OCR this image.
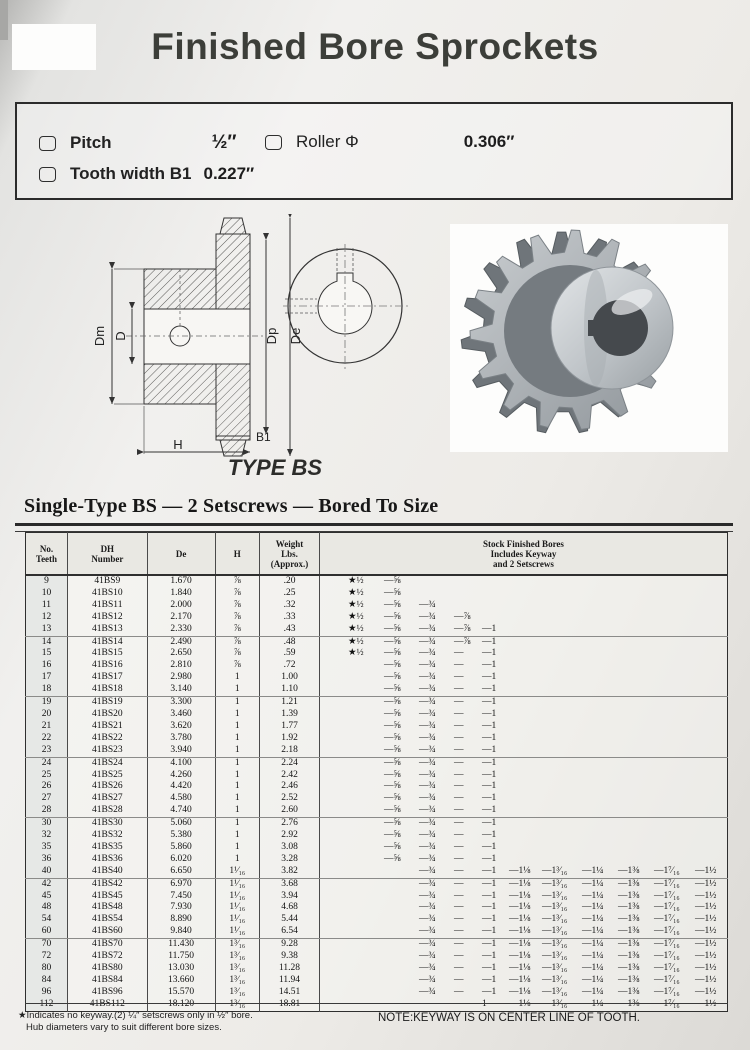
Finished Bore Sprockets
Pitch	½″	Roller Φ	0.306″
Tooth width B1 0.227″
Dm D	Dp De
B1
H
TYPE BS
Single-Type BS — 2 Setscrews — Bored To Size
No.
Teeth

DH
Number	De	H

Weight
Lbs.
(Approx.)

Stock Finished Bores
Includes Keyway
and 2 Setscrews

9	41BS9	1.670	⅞	.20	★½ —⅝

10	41BS10	1.840	⅞	.25	★½ —⅝

11	41BS11	2.000	⅞	.32	★½ —⅝ —¾

12	41BS12	2.170	⅞	.33	★½ —⅝ —¾ —⅞

13	41BS13	2.330	⅞	.43	★½ —⅝ —¾ —⅞ —1

14	41BS14	2.490	⅞	.48	★½ —⅝ —¾ —⅞ —1

15	41BS15	2.650	⅞	.59	★½ —⅝ —¾ — —1

16	41BS16	2.810	⅞	.72	—⅝ —¾ — —1

17	41BS17	2.980	1	1.00	—⅝ —¾ — —1

18	41BS18	3.140	1	1.10	—⅝ —¾ — —1

19	41BS19	3.300	1	1.21	—⅝ —¾ — —1

20	41BS20	3.460	1	1.39	—⅝ —¾ — —1

21	41BS21	3.620	1	1.77	—⅝ —¾ — —1

22	41BS22	3.780	1	1.92	—⅝ —¾ — —1

23	41BS23	3.940	1	2.18	—⅝ —¾ — —1

24	41BS24	4.100	1	2.24	—⅝ —¾ — —1

25	41BS25	4.260	1	2.42	—⅝ —¾ — —1

26	41BS26	4.420	1	2.46	—⅝ —¾ — —1

27	41BS27	4.580	1	2.52	—⅝ —¾ — —1

28	41BS28	4.740	1	2.60	—⅝ —¾ — —1

30	41BS30	5.060	1	2.76	—⅝ —¾ — —1

32	41BS32	5.380	1	2.92	—⅝ —¾ — —1

35	41BS35	5.860	1	3.08	—⅝ —¾ — —1

36	41BS36	6.020	1	3.28	—⅝ —¾ — —1

40	41BS40	6.650	1¹⁄₁₆	3.82	—¾	—	—1	—1⅛	—1³⁄₁₆	—1¼	—1⅜	—1⁷⁄₁₆	—1½

42	41BS42	6.970	1¹⁄₁₆	3.68	—¾	—	—1	—1⅛	—1³⁄₁₆	—1¼	—1⅜	—1⁷⁄₁₆	—1½

45	41BS45	7.450	1¹⁄₁₆	3.94	—¾	—	—1	—1⅛	—1³⁄₁₆	—1¼	—1⅜	—1⁷⁄₁₆	—1½

48	41BS48	7.930	1¹⁄₁₆	4.68	—¾	—	—1	—1⅛	—1³⁄₁₆	—1¼	—1⅜	—1⁷⁄₁₆	—1½

54	41BS54	8.890	1¹⁄₁₆	5.44	—¾	—	—1	—1⅛	—1³⁄₁₆	—1¼	—1⅜	—1⁷⁄₁₆	—1½

60	41BS60	9.840	1¹⁄₁₆	6.54	—¾	—	—1	—1⅛	—1³⁄₁₆	—1¼	—1⅜	—1⁷⁄₁₆	—1½

70	41BS70	11.430	1³⁄₁₆	9.28	—¾	—	—1	—1⅛	—1³⁄₁₆	—1¼	—1⅜	—1⁷⁄₁₆	—1½

72	41BS72	11.750	1³⁄₁₆	9.38	—¾	—	—1	—1⅛	—1³⁄₁₆	—1¼	—1⅜	—1⁷⁄₁₆	—1½

80	41BS80	13.030	1³⁄₁₆	11.28	—¾	—	—1	—1⅛	—1³⁄₁₆	—1¼	—1⅜	—1⁷⁄₁₆	—1½

84	41BS84	13.660	1³⁄₁₆	11.94	—¾	—	—1	—1⅛	—1³⁄₁₆	—1¼	—1⅜	—1⁷⁄₁₆	—1½

96	41BS96	15.570	1³⁄₁₆	14.51	—¾	—	—1	—1⅛	—1³⁄₁₆	—1¼	—1⅜	—1⁷⁄₁₆	—1½

112	41BS112	18.120	1³⁄₁₆	18.81	1	—1⅛	—1³⁄₁₆	—1¼	—1⅜	—1⁷⁄₁₆	—1½
★Indicates no keyway.(2) ¼″ setscrews only in ½″ bore.
Hub diameters vary to suit different bore sizes.
NOTE:KEYWAY IS ON CENTER LINE OF TOOTH.
